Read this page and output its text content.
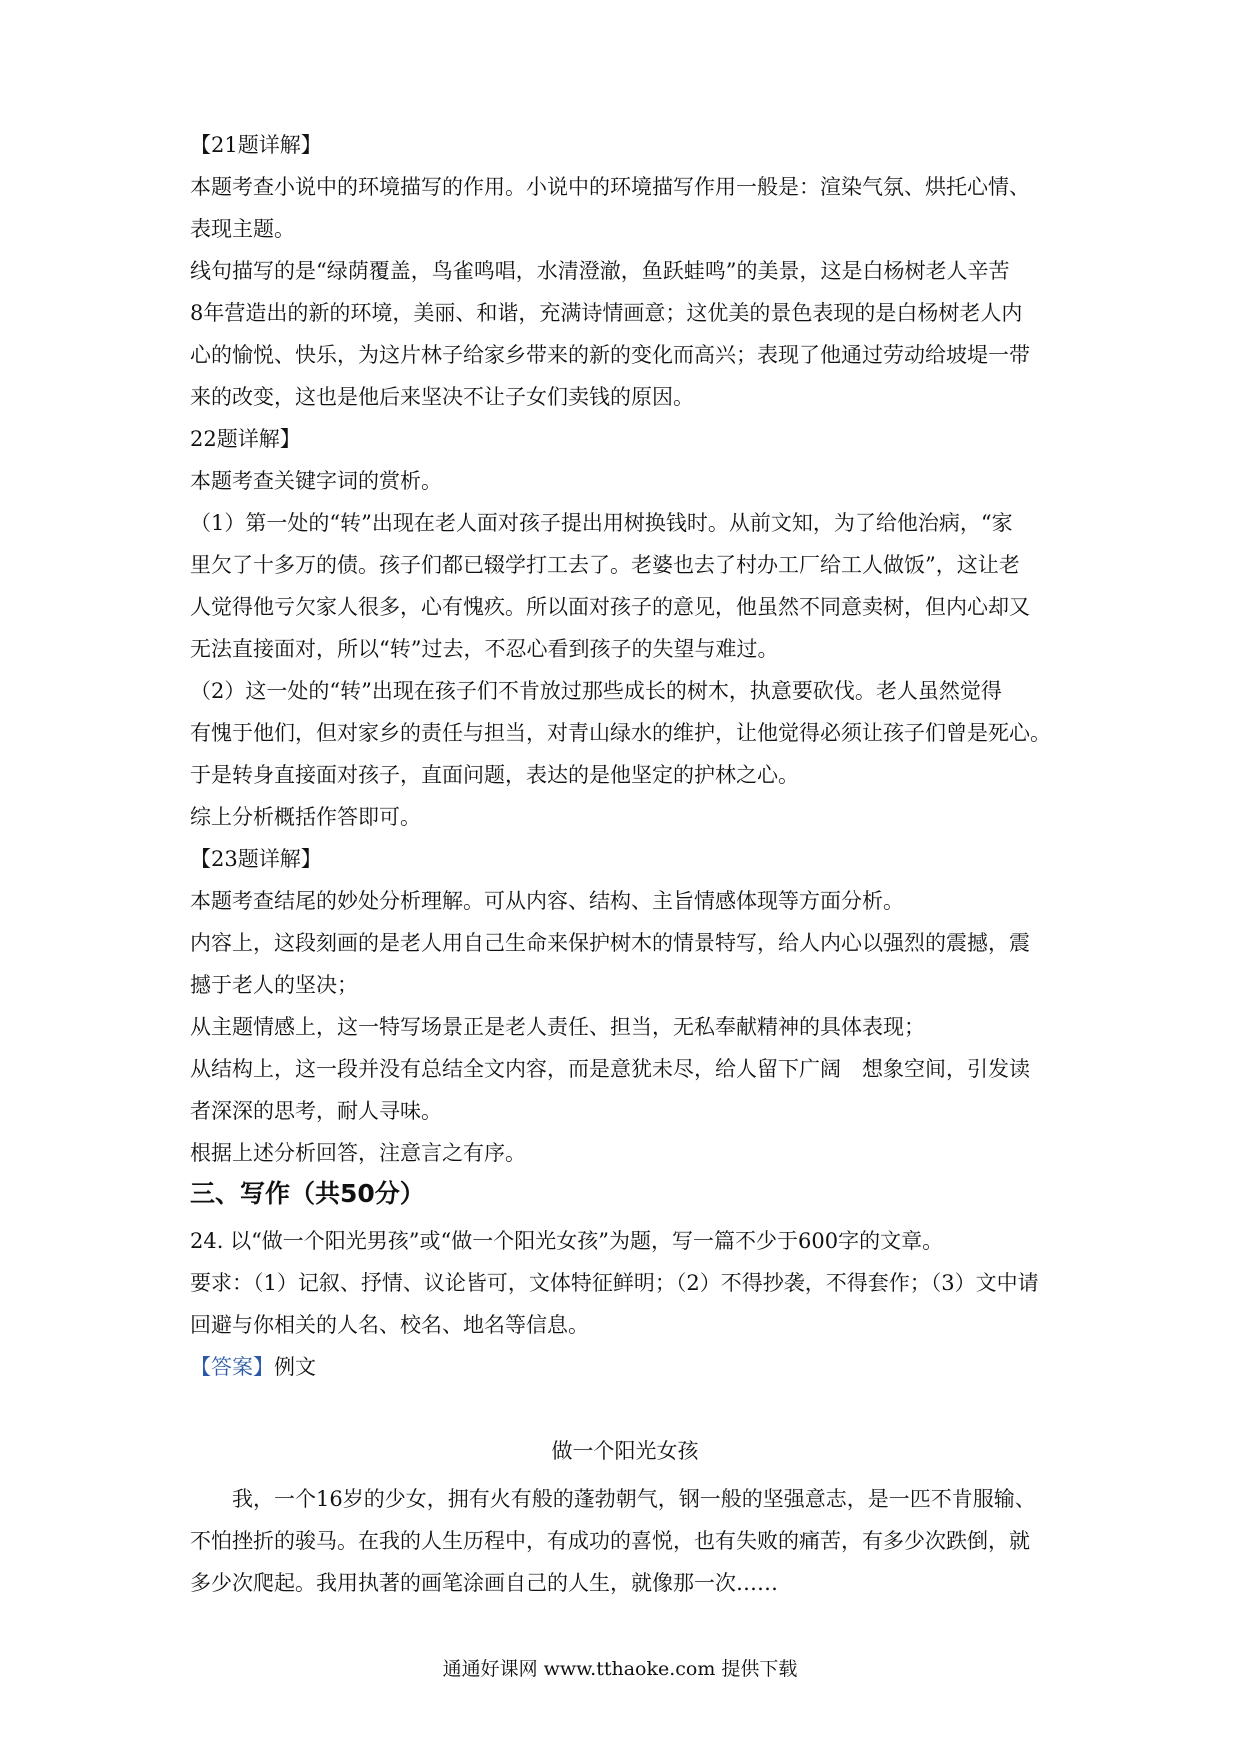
【21题详解】
本题考查小说中的环境描写的作用。小说中的环境描写作用一般是：渲染气氛、烘托心情、
表现主题。
线句描写的是“绿荫覆盖，鸟雀鸣唱，水清澄澈，鱼跃蛙鸣”的美景，这是白杨树老人辛苦
8年营造出的新的环境，美丽、和谐，充满诗情画意；这优美的景色表现的是白杨树老人内
心的愉悦、快乐，为这片林子给家乡带来的新的变化而高兴；表现了他通过劳动给坡堤一带
来的改变，这也是他后来坚决不让子女们卖钱的原因。
22题详解】
本题考查关键字词的赏析。
（1）第一处的“转”出现在老人面对孩子提出用树换钱时。从前文知，为了给他治病，“家
里欠了十多万的债。孩子们都已辍学打工去了。老婆也去了村办工厂给工人做饭”，这让老
人觉得他亏欠家人很多，心有愧疚。所以面对孩子的意见，他虽然不同意卖树，但内心却又
无法直接面对，所以“转”过去，不忍心看到孩子的失望与难过。
（2）这一处的“转”出现在孩子们不肯放过那些成长的树木，执意要砍伐。老人虽然觉得
有愧于他们，但对家乡的责任与担当，对青山绿水的维护，让他觉得必须让孩子们曾是死心。
于是转身直接面对孩子，直面问题，表达的是他坚定的护林之心。
综上分析概括作答即可。
【23题详解】
本题考查结尾的妙处分析理解。可从内容、结构、主旨情感体现等方面分析。
内容上，这段刻画的是老人用自己生命来保护树木的情景特写，给人内心以强烈的震撼，震
撼于老人的坚决；
从主题情感上，这一特写场景正是老人责任、担当，无私奉献精神的具体表现；
从结构上，这一段并没有总结全文内容，而是意犹未尽，给人留下广阔　想象空间，引发读
者深深的思考，耐人寻味。
根据上述分析回答，注意言之有序。
三、写作（共50分）
24. 以“做一个阳光男孩”或“做一个阳光女孩”为题，写一篇不少于600字的文章。
要求：（1）记叙、抒情、议论皆可，文体特征鲜明；（2）不得抄袭，不得套作；（3）文中请
回避与你相关的人名、校名、地名等信息。
【答案】例文
做一个阳光女孩
　　我，一个16岁的少女，拥有火有般的蓬勃朝气，钢一般的坚强意志，是一匹不肯服输、
不怕挫折的骏马。在我的人生历程中，有成功的喜悦，也有失败的痛苦，有多少次跌倒，就
多少次爬起。我用执著的画笔涂画自己的人生，就像那一次……
通通好课网 www.tthaoke.com 提供下载
